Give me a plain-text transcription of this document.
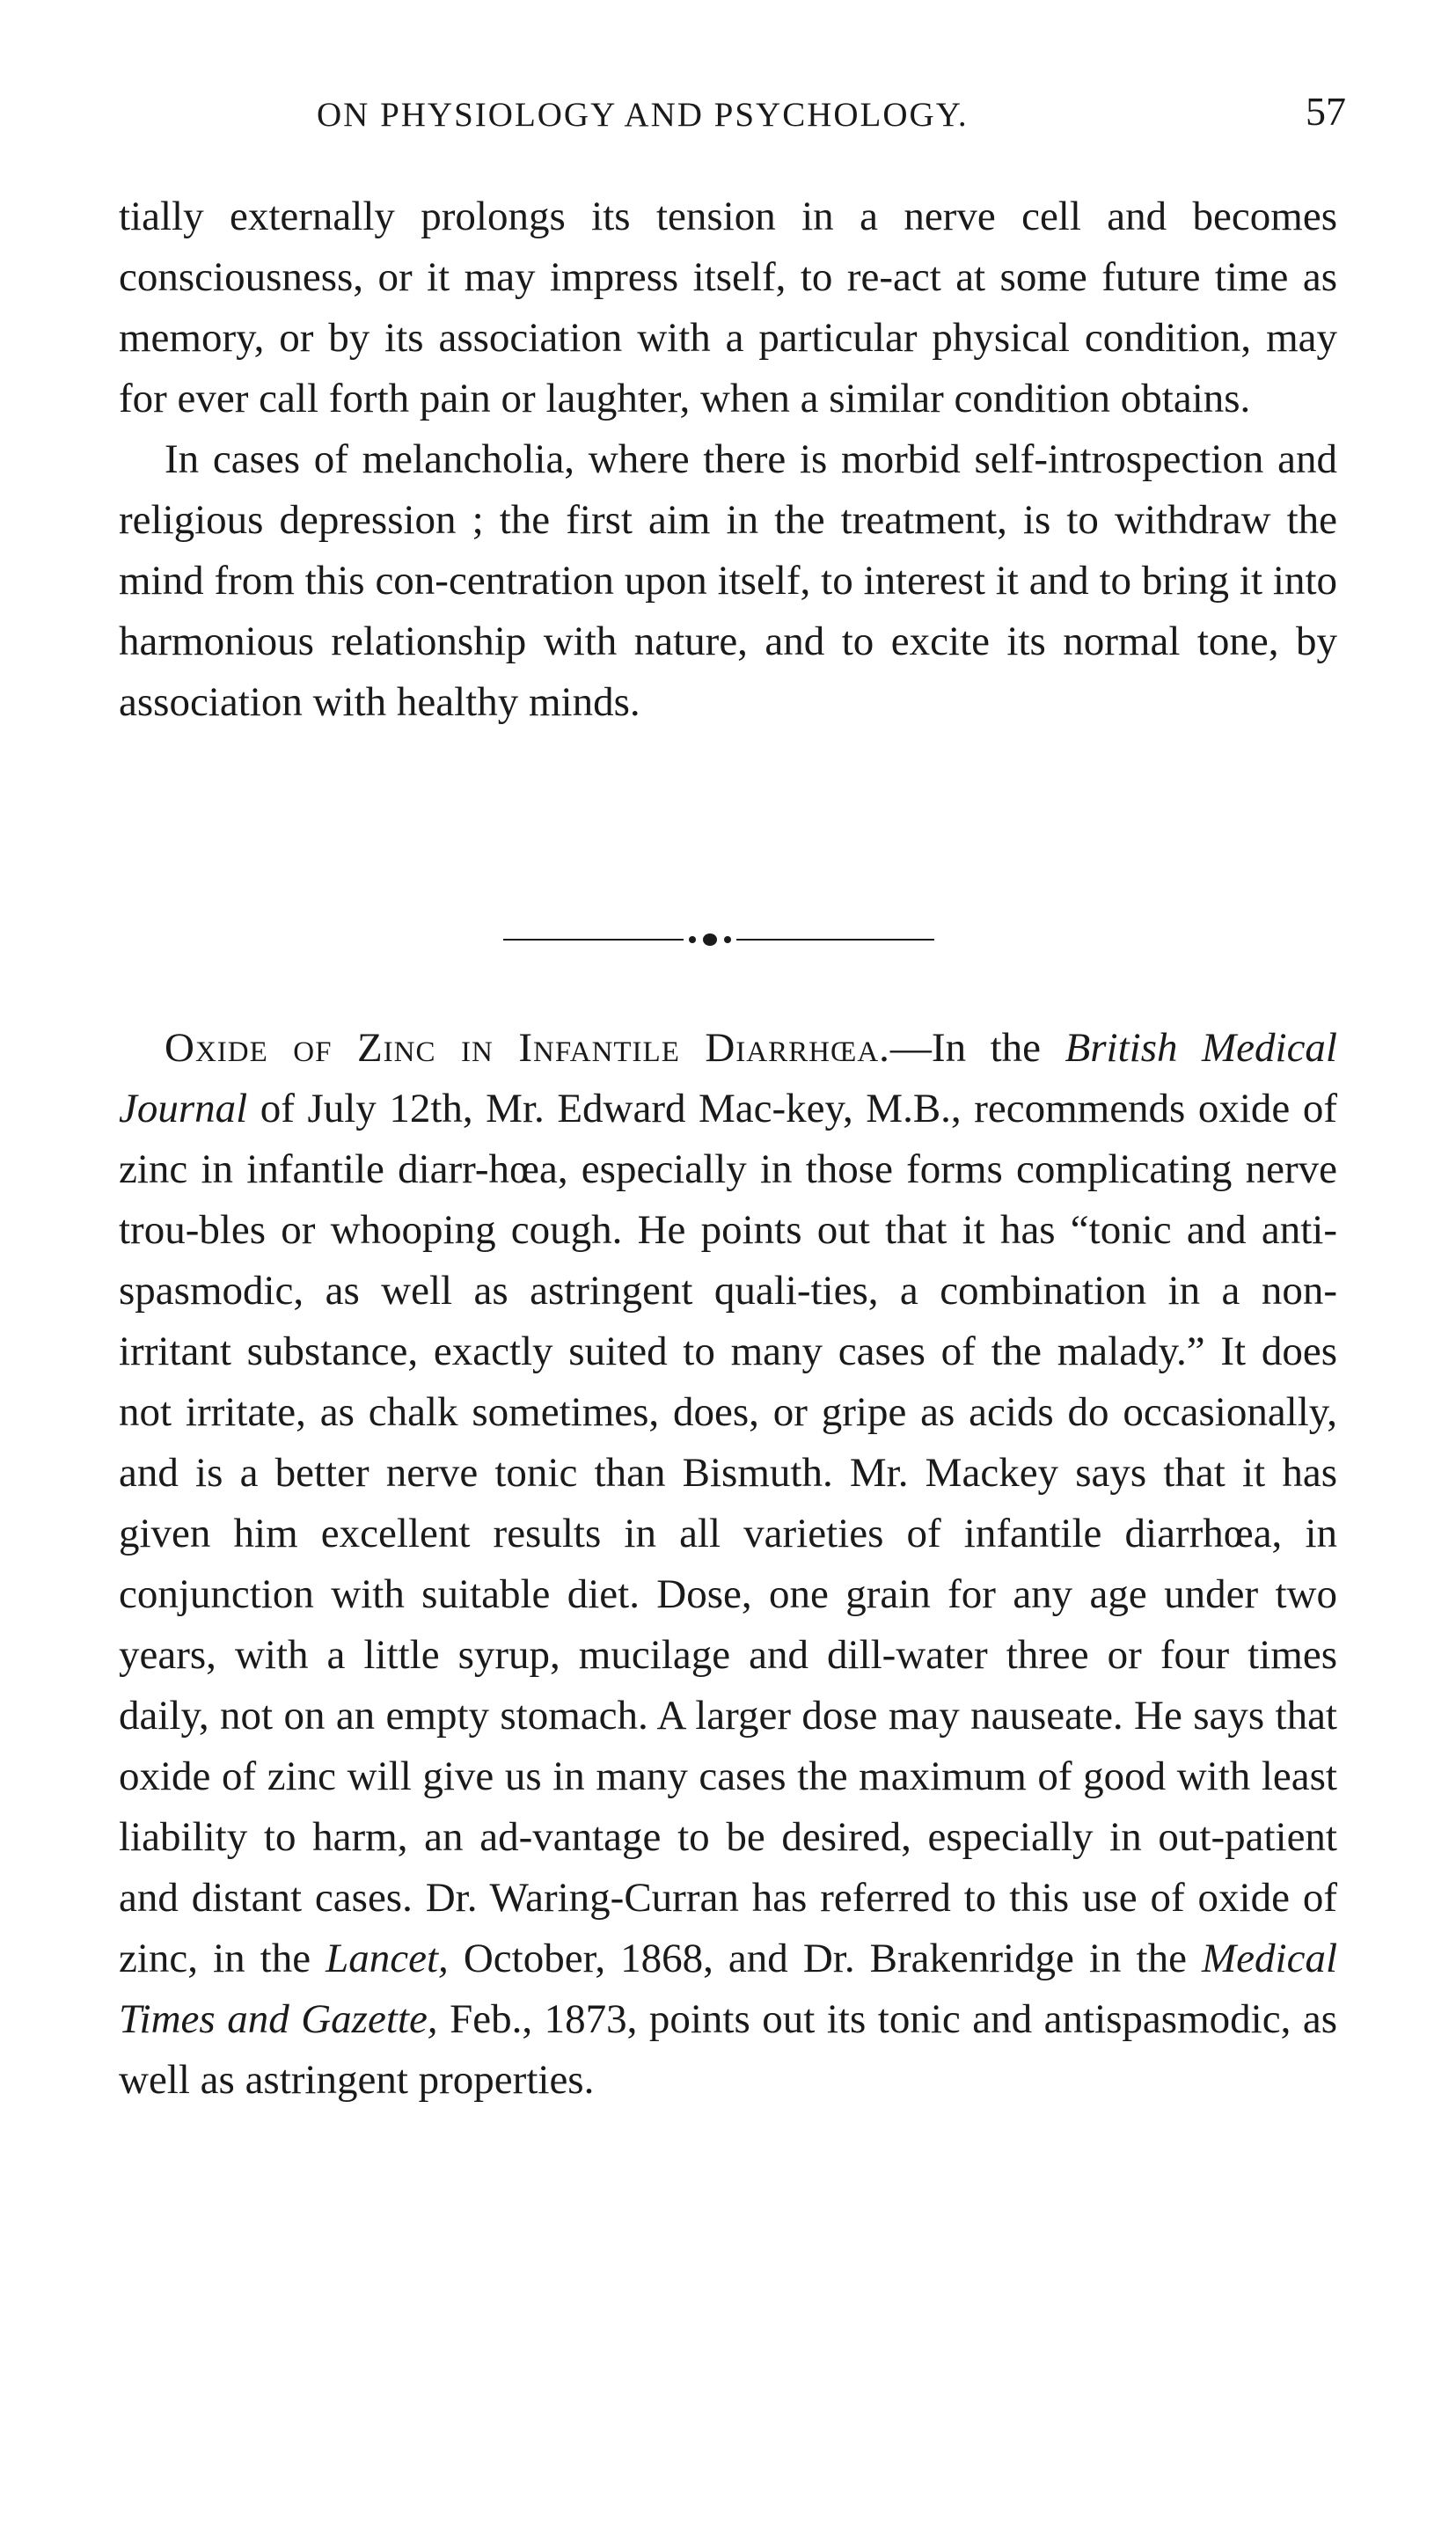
ON PHYSIOLOGY AND PSYCHOLOGY.	57

tially externally prolongs its tension in a nerve cell and becomes consciousness, or it may impress itself, to re-act at some future time as memory, or by its association with a particular physical condition, may for ever call forth pain or laughter, when a similar condition obtains.

In cases of melancholia, where there is morbid self-introspection and religious depression ; the first aim in the treatment, is to withdraw the mind from this con-centration upon itself, to interest it and to bring it into harmonious relationship with nature, and to excite its normal tone, by association with healthy minds.

Oxide of Zinc in Infantile Diarrhœa.—In the British Medical Journal of July 12th, Mr. Edward Mac-key, M.B., recommends oxide of zinc in infantile diarr-hœa, especially in those forms complicating nerve trou-bles or whooping cough. He points out that it has “tonic and anti-spasmodic, as well as astringent quali-ties, a combination in a non-irritant substance, exactly suited to many cases of the malady.” It does not irritate, as chalk sometimes, does, or gripe as acids do occasionally, and is a better nerve tonic than Bismuth. Mr. Mackey says that it has given him excellent results in all varieties of infantile diarrhœa, in conjunction with suitable diet. Dose, one grain for any age under two years, with a little syrup, mucilage and dill-water three or four times daily, not on an empty stomach. A larger dose may nauseate. He says that oxide of zinc will give us in many cases the maximum of good with least liability to harm, an ad-vantage to be desired, especially in out-patient and distant cases. Dr. Waring-Curran has referred to this use of oxide of zinc, in the Lancet, October, 1868, and Dr. Brakenridge in the Medical Times and Gazette, Feb., 1873, points out its tonic and antispasmodic, as well as astringent properties.
